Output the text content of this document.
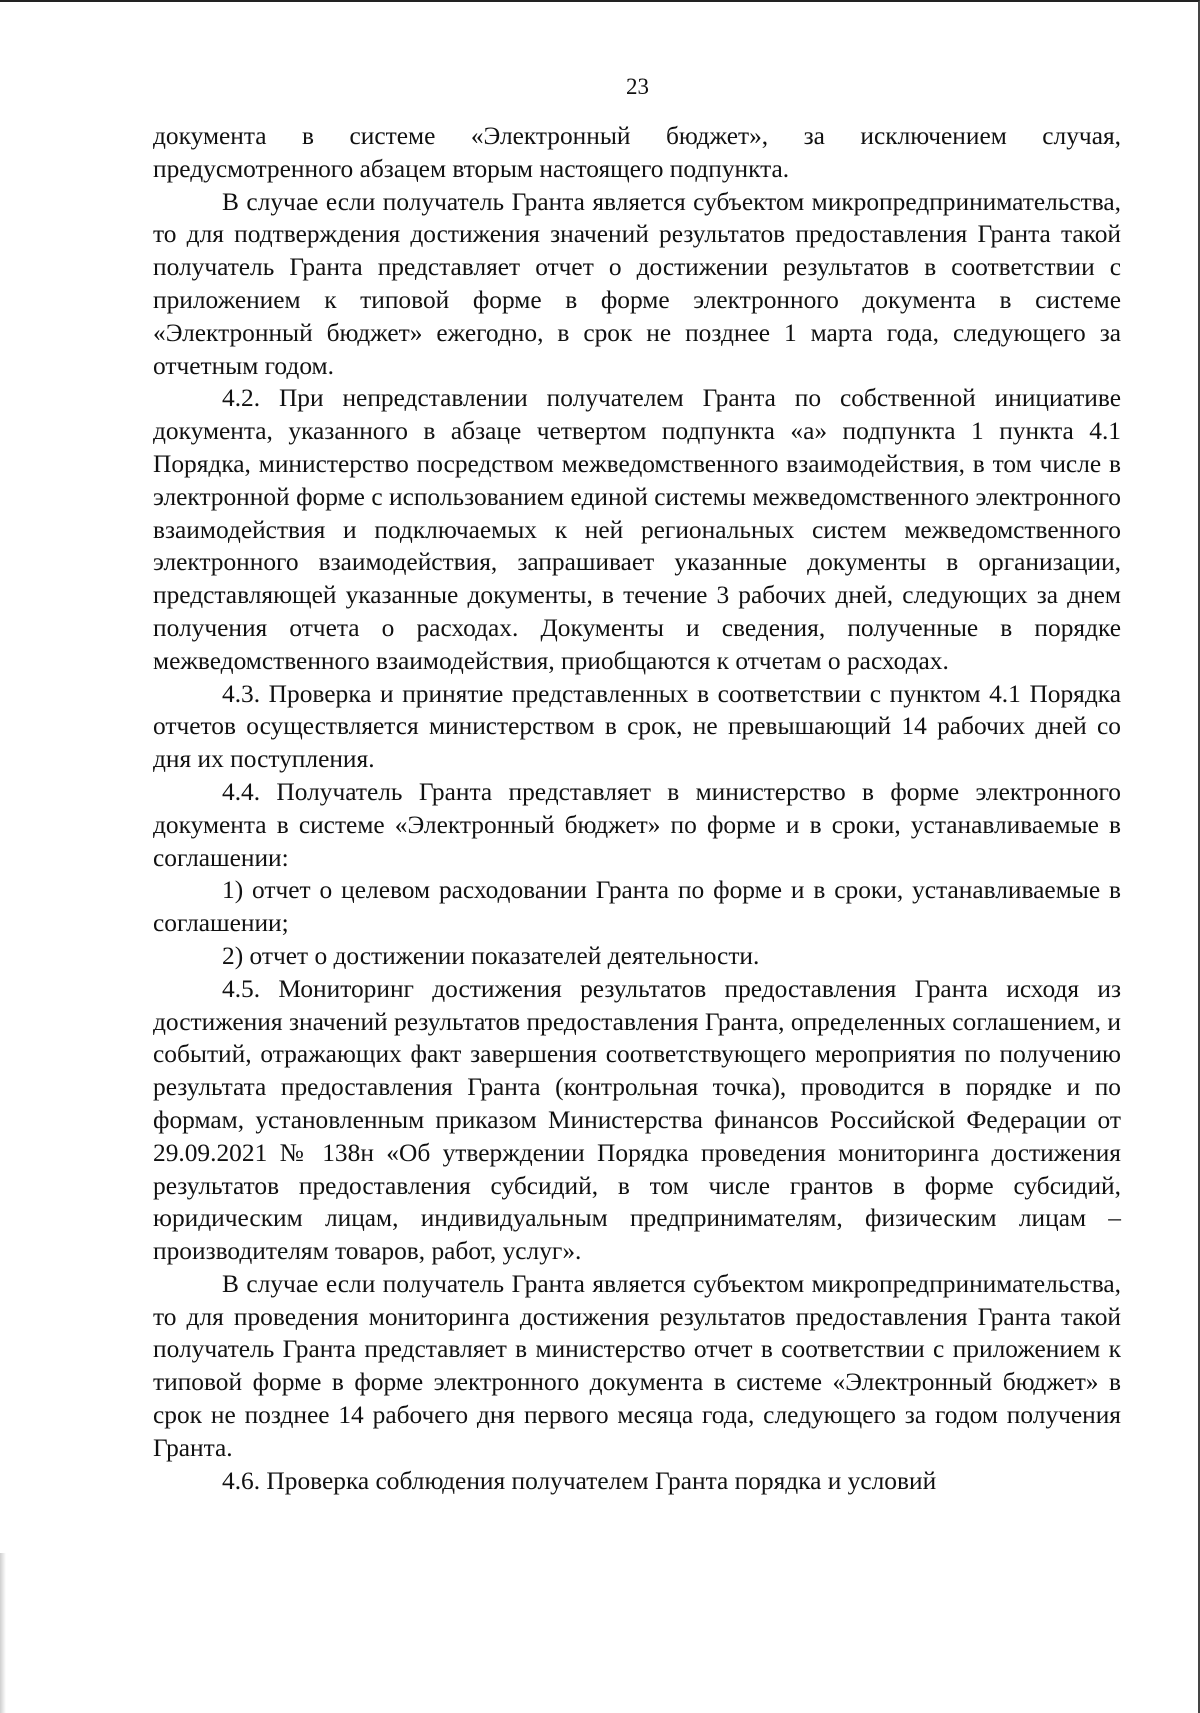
23

документа в системе «Электронный бюджет», за исключением случая, предусмотренного абзацем вторым настоящего подпункта.

В случае если получатель Гранта является субъектом микропредпринимательства, то для подтверждения достижения значений результатов предоставления Гранта такой получатель Гранта представляет отчет о достижении результатов в соответствии с приложением к типовой форме в форме электронного документа в системе «Электронный бюджет» ежегодно, в срок не позднее 1 марта года, следующего за отчетным годом.

4.2. При непредставлении получателем Гранта по собственной инициативе документа, указанного в абзаце четвертом подпункта «а» подпункта 1 пункта 4.1 Порядка, министерство посредством межведомственного взаимодействия, в том числе в электронной форме с использованием единой системы межведомственного электронного взаимодействия и подключаемых к ней региональных систем межведомственного электронного взаимодействия, запрашивает указанные документы в организации, представляющей указанные документы, в течение 3 рабочих дней, следующих за днем получения отчета о расходах. Документы и сведения, полученные в порядке межведомственного взаимодействия, приобщаются к отчетам о расходах.

4.3. Проверка и принятие представленных в соответствии с пунктом 4.1 Порядка отчетов осуществляется министерством в срок, не превышающий 14 рабочих дней со дня их поступления.

4.4. Получатель Гранта представляет в министерство в форме электронного документа в системе «Электронный бюджет» по форме и в сроки, устанавливаемые в соглашении:

1) отчет о целевом расходовании Гранта по форме и в сроки, устанавливаемые в соглашении;

2) отчет о достижении показателей деятельности.

4.5. Мониторинг достижения результатов предоставления Гранта исходя из достижения значений результатов предоставления Гранта, определенных соглашением, и событий, отражающих факт завершения соответствующего мероприятия по получению результата предоставления Гранта (контрольная точка), проводится в порядке и по формам, установленным приказом Министерства финансов Российской Федерации от 29.09.2021 № 138н «Об утверждении Порядка проведения мониторинга достижения результатов предоставления субсидий, в том числе грантов в форме субсидий, юридическим лицам, индивидуальным предпринимателям, физическим лицам – производителям товаров, работ, услуг».

В случае если получатель Гранта является субъектом микропредпринимательства, то для проведения мониторинга достижения результатов предоставления Гранта такой получатель Гранта представляет в министерство отчет в соответствии с приложением к типовой форме в форме электронного документа в системе «Электронный бюджет» в срок не позднее 14 рабочего дня первого месяца года, следующего за годом получения Гранта.

4.6. Проверка соблюдения получателем Гранта порядка и условий
